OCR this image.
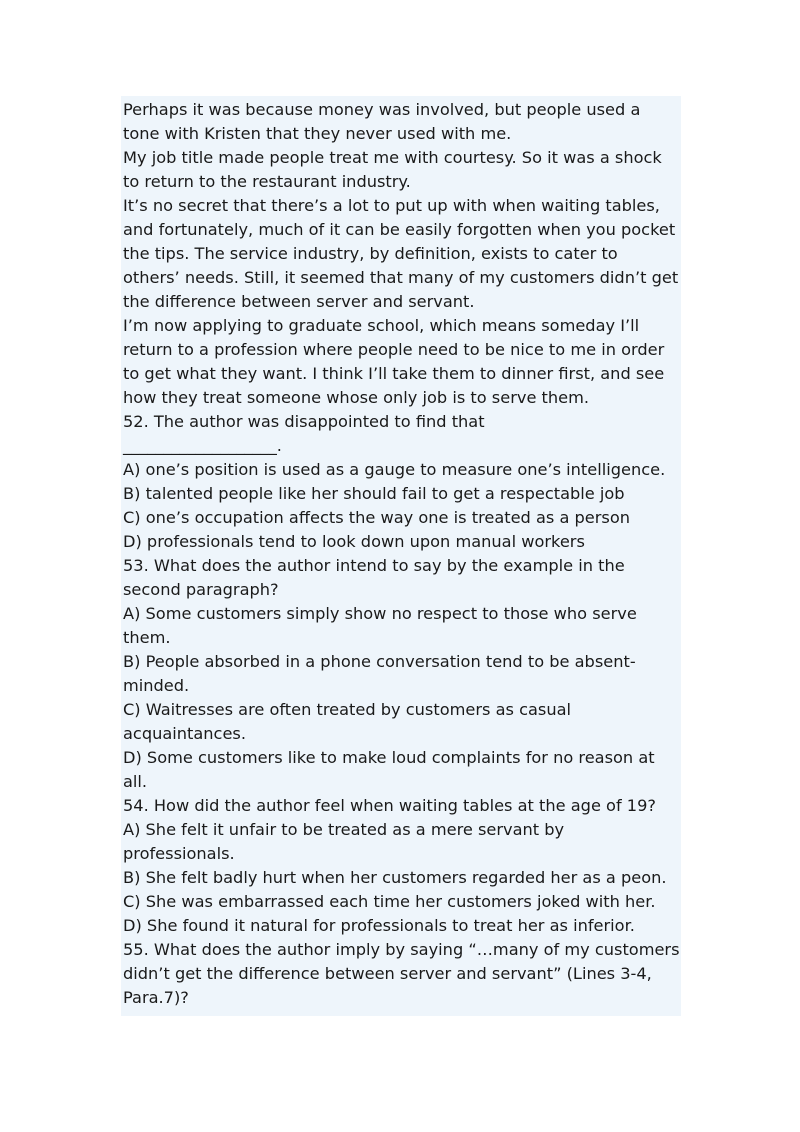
Perhaps it was because money was involved, but people used a
tone with Kristen that they never used with me.
My job title made people treat me with courtesy. So it was a shock
to return to the restaurant industry.
It’s no secret that there’s a lot to put up with when waiting tables,
and fortunately, much of it can be easily forgotten when you pocket
the tips. The service industry, by definition, exists to cater to
others’ needs. Still, it seemed that many of my customers didn’t get
the difference between server and servant.
I’m now applying to graduate school, which means someday I’ll
return to a profession where people need to be nice to me in order
to get what they want. I think I’ll take them to dinner first, and see
how they treat someone whose only job is to serve them.
52. The author was disappointed to find that
___________________.
A) one’s position is used as a gauge to measure one’s intelligence.
B) talented people like her should fail to get a respectable job
C) one’s occupation affects the way one is treated as a person
D) professionals tend to look down upon manual workers
53. What does the author intend to say by the example in the
second paragraph?
A) Some customers simply show no respect to those who serve
them.
B) People absorbed in a phone conversation tend to be absent-
minded.
C) Waitresses are often treated by customers as casual
acquaintances.
D) Some customers like to make loud complaints for no reason at
all.
54. How did the author feel when waiting tables at the age of 19?
A) She felt it unfair to be treated as a mere servant by
professionals.
B) She felt badly hurt when her customers regarded her as a peon.
C) She was embarrassed each time her customers joked with her.
D) She found it natural for professionals to treat her as inferior.
55. What does the author imply by saying “…many of my customers
didn’t get the difference between server and servant” (Lines 3-4,
Para.7)?
